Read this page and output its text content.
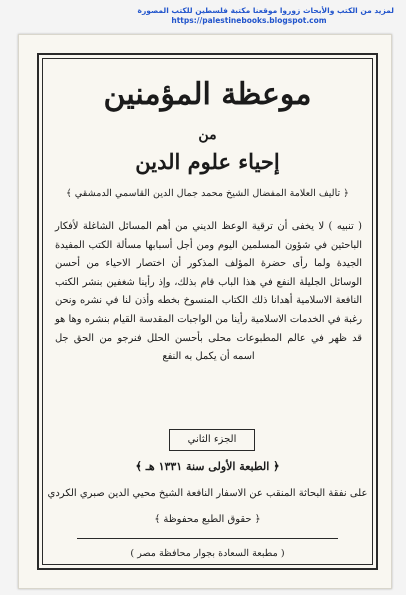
لمزيد من الكتب والأبحاث زوروا موقعنا مكتبة فلسطين للكتب المصورة
https://palestinebooks.blogspot.com
موعظة المؤمنين
من
إحياء علوم الدين
﴿ تأليف العلامة المفضال الشيخ محمد جمال الدين القاسمي الدمشقي ﴾

( تنبيه ) لا يخفى أن ترقية الوعظ الديني من أهم المسائل الشاغلة لأفكار الباحثين في شؤون المسلمين اليوم ومن أجل أسبابها مسألة الكتب المفيدة الجيدة ولما رأى حضرة المؤلف المذكور أن اختصار الاحياء من أحسن الوسائل الجليلة النفع في هذا الباب قام بذلك، وإذ رأينا شغفين بنشر الكتب النافعة الاسلامية أهدانا ذلك الكتاب المنسوخ بخطه وأذن لنا في نشره ونحن رغبة في الخدمات الاسلامية رأينا من الواجبات المقدسة القيام بنشره وها هو قد ظهر في عالم المطبوعات محلى بأحسن الحلل فنرجو من الحق جل اسمه أن يكمل به النفع

الجزء الثاني
﴿ الطبعة الأولى سنة ١٣٣١ هـ ﴾
على نفقة البحاثة المنقب عن الاسفار النافعة الشيخ محيي الدين صبري الكردي
﴿ حقوق الطبع محفوظة ﴾
( مطبعة السعادة بجوار محافظة مصر )
